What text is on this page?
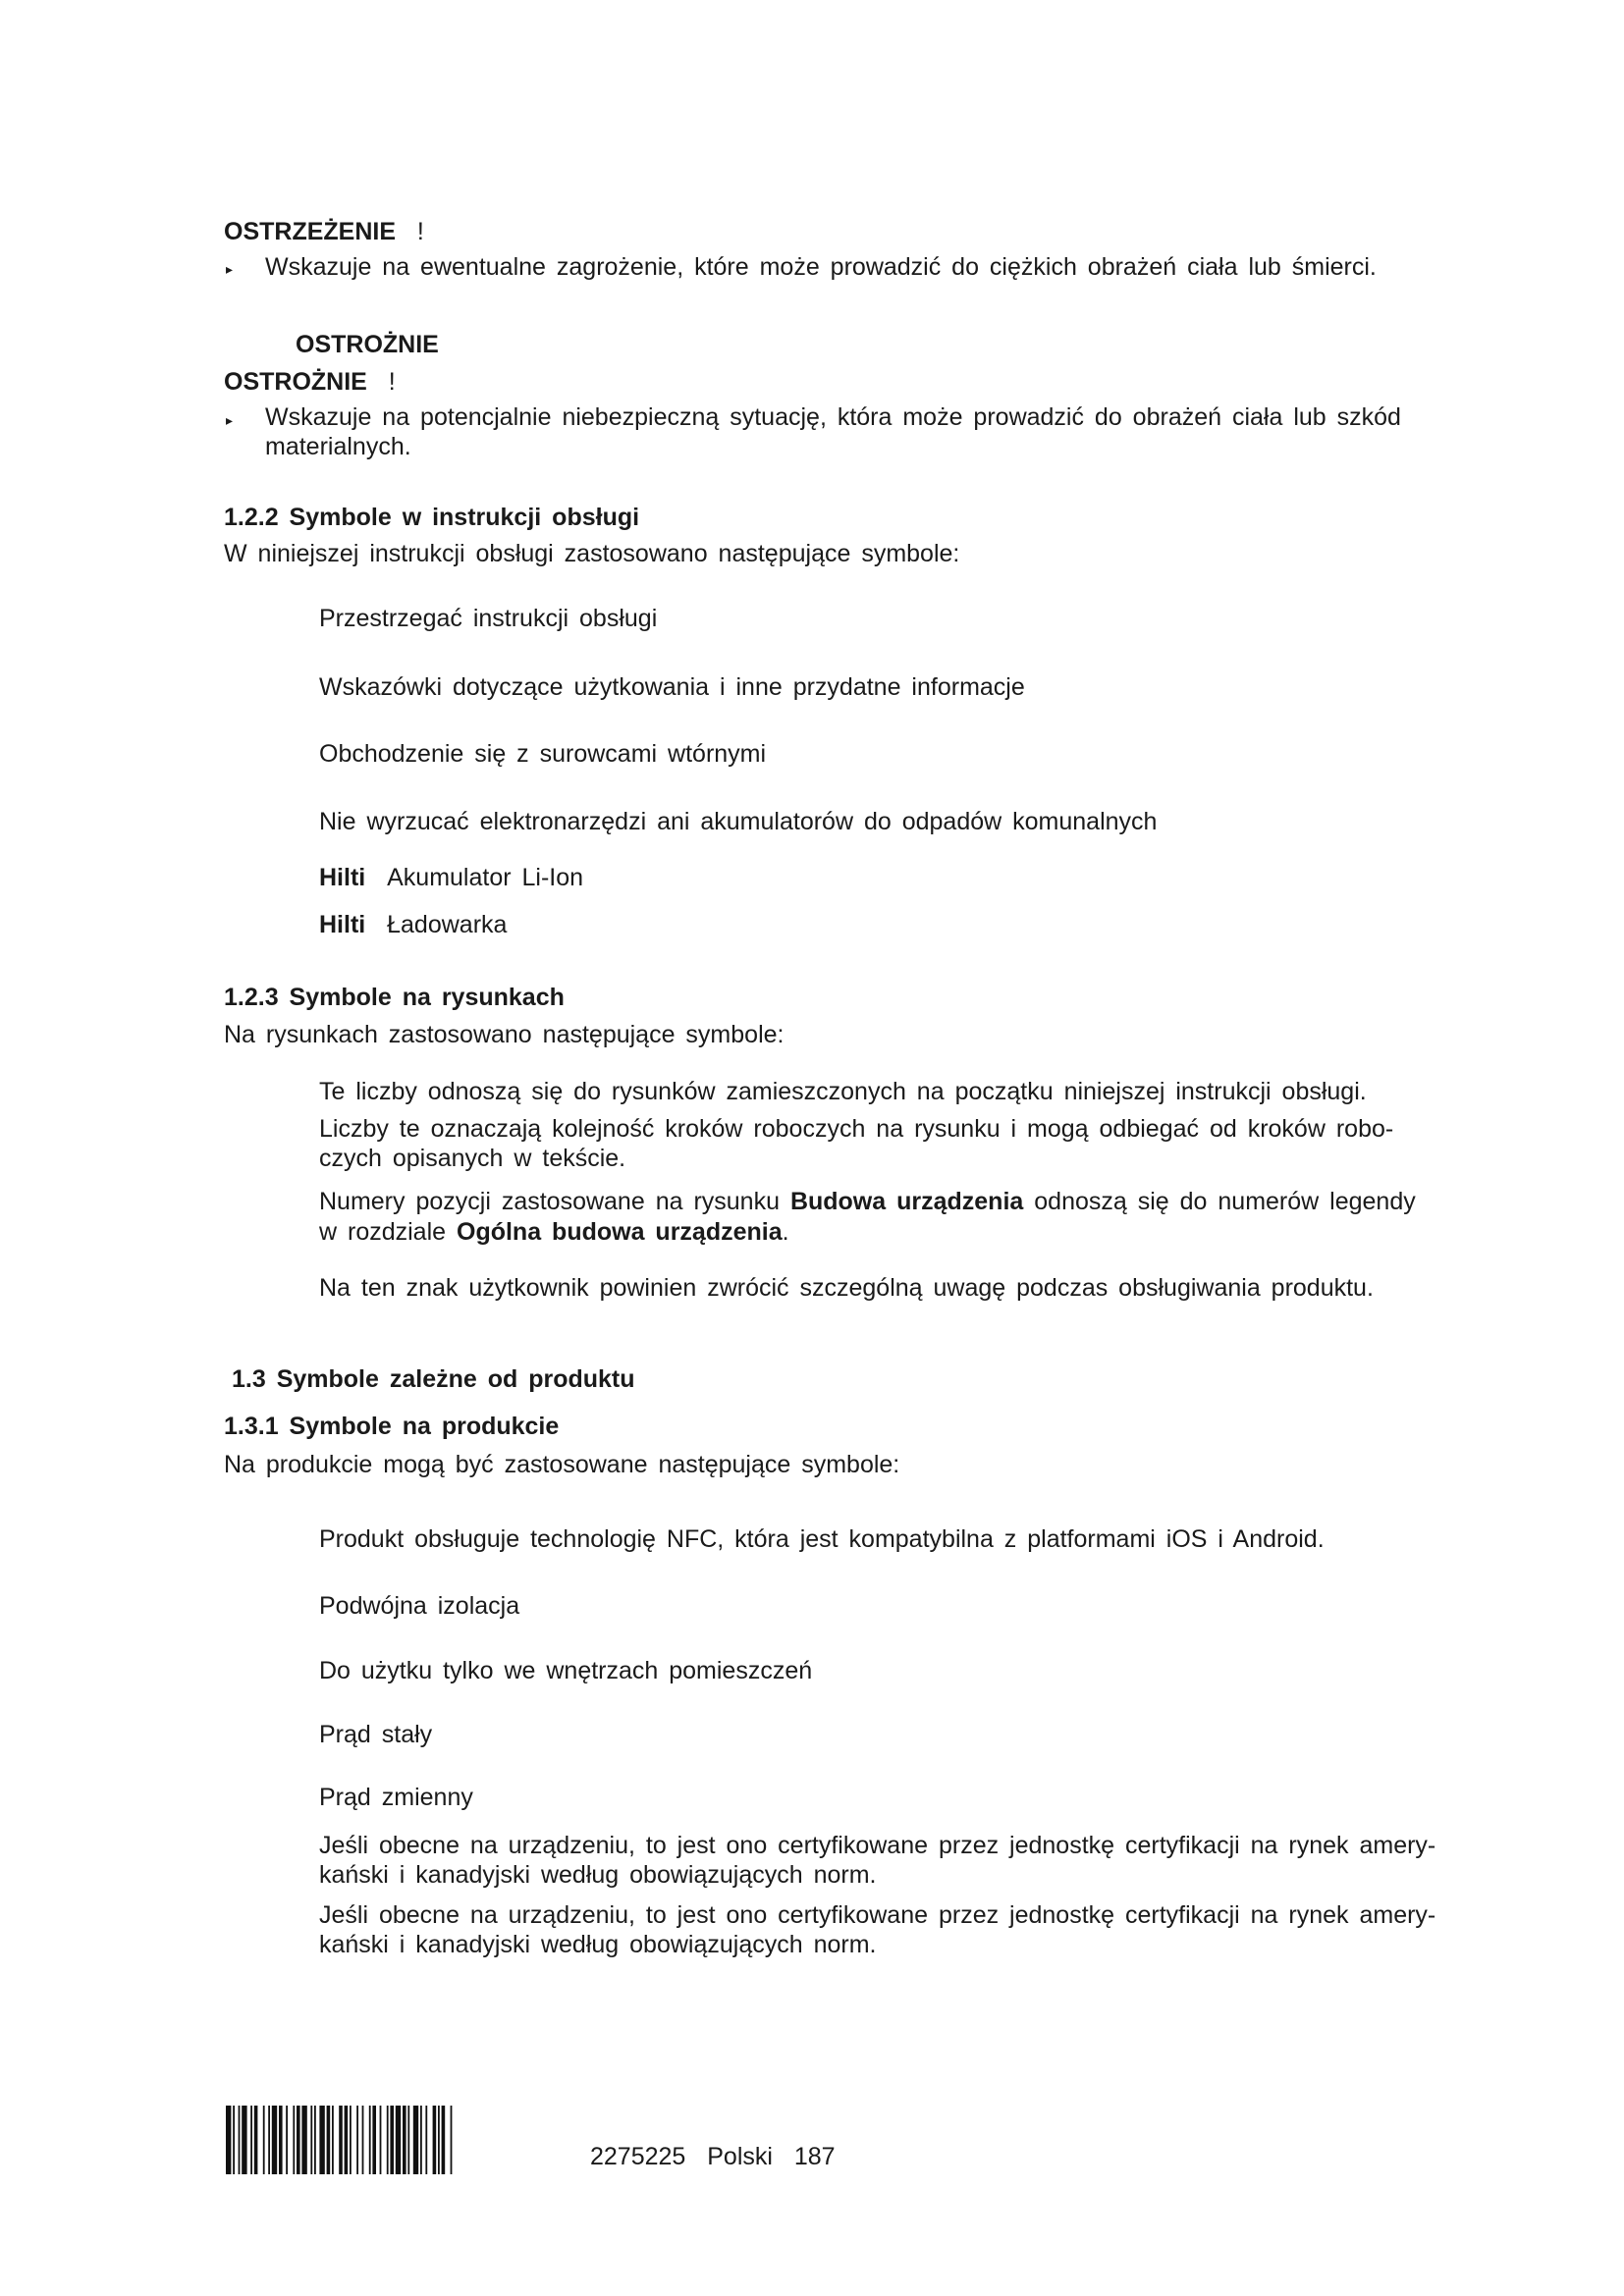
OSTRZEŻENIE !
▸ Wskazuje na ewentualne zagrożenie, które może prowadzić do ciężkich obrażeń ciała lub śmierci.
OSTROŻNIE
OSTROŻNIE !
▸ Wskazuje na potencjalnie niebezpieczną sytuację, która może prowadzić do obrażeń ciała lub szkód
materialnych.
1.2.2 Symbole w instrukcji obsługi
W niniejszej instrukcji obsługi zastosowano następujące symbole:
Przestrzegać instrukcji obsługi
Wskazówki dotyczące użytkowania i inne przydatne informacje
Obchodzenie się z surowcami wtórnymi
Nie wyrzucać elektronarzędzi ani akumulatorów do odpadów komunalnych
Hilti Akumulator Li-Ion
Hilti Ładowarka
1.2.3 Symbole na rysunkach
Na rysunkach zastosowano następujące symbole:
Te liczby odnoszą się do rysunków zamieszczonych na początku niniejszej instrukcji obsługi.
Liczby te oznaczają kolejność kroków roboczych na rysunku i mogą odbiegać od kroków robo-
czych opisanych w tekście.
Numery pozycji zastosowane na rysunku Budowa urządzenia odnoszą się do numerów legendy
w rozdziale Ogólna budowa urządzenia.
Na ten znak użytkownik powinien zwrócić szczególną uwagę podczas obsługiwania produktu.
1.3 Symbole zależne od produktu
1.3.1 Symbole na produkcie
Na produkcie mogą być zastosowane następujące symbole:
Produkt obsługuje technologię NFC, która jest kompatybilna z platformami iOS i Android.
Podwójna izolacja
Do użytku tylko we wnętrzach pomieszczeń
Prąd stały
Prąd zmienny
Jeśli obecne na urządzeniu, to jest ono certyfikowane przez jednostkę certyfikacji na rynek amery-
kański i kanadyjski według obowiązujących norm.
Jeśli obecne na urządzeniu, to jest ono certyfikowane przez jednostkę certyfikacji na rynek amery-
kański i kanadyjski według obowiązujących norm.
2275225 Polski 187
